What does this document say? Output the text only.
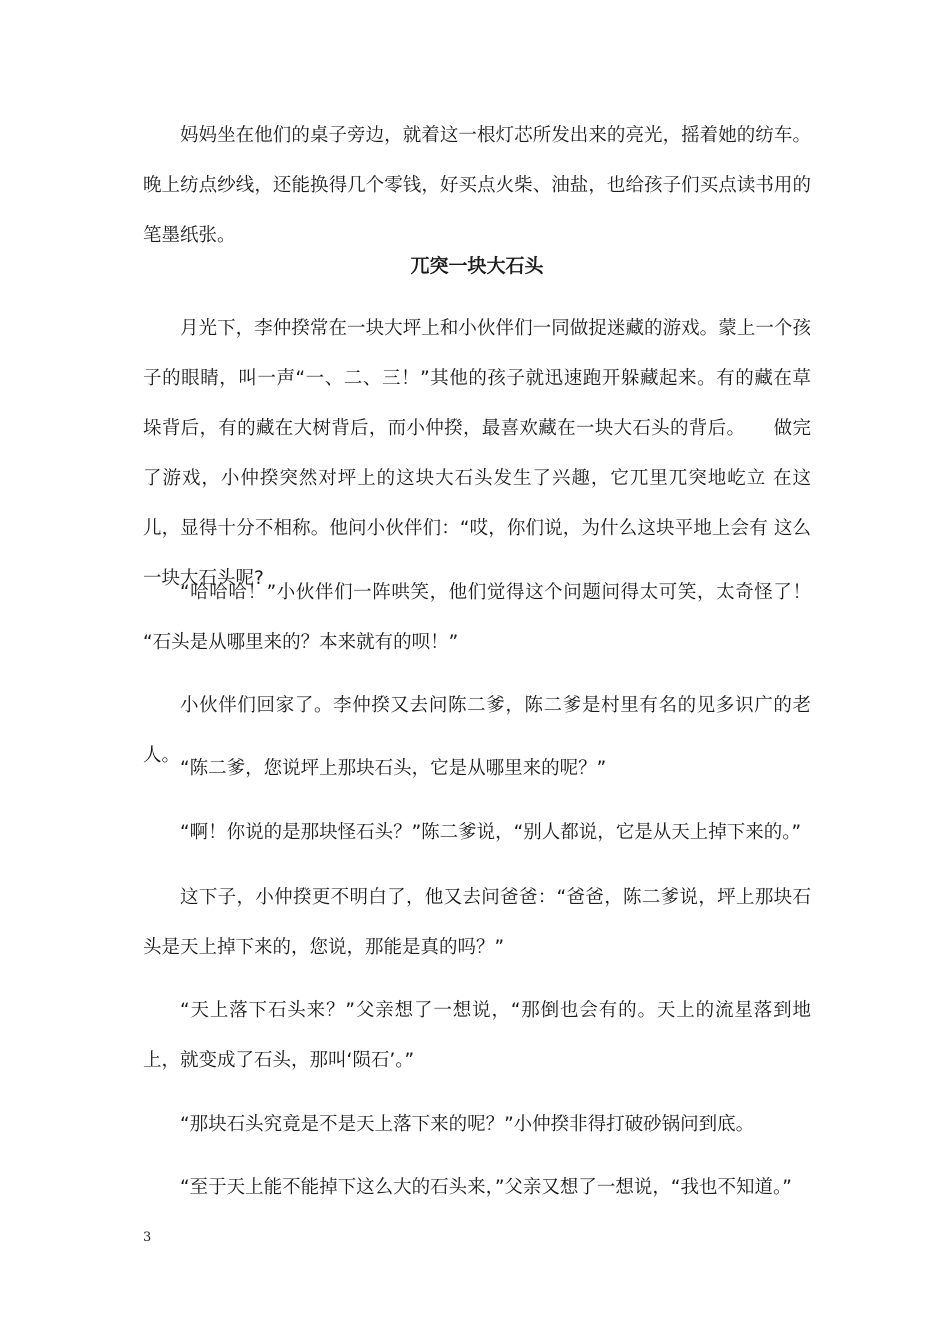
妈妈坐在他们的桌子旁边，就着这一根灯芯所发出来的亮光，摇着她的纺车。晚上纺点纱线，还能换得几个零钱，好买点火柴、油盐，也给孩子们买点读书用的笔墨纸张。

兀突一块大石头

月光下，李仲揆常在一块大坪上和小伙伴们一同做捉迷藏的游戏。蒙上一个孩 子的眼睛，叫一声“一、二、三！”其他的孩子就迅速跑开躲藏起来。有的藏在草 垛背后，有的藏在大树背后，而小仲揆，最喜欢藏在一块大石头的背后。　　做完了游戏，小仲揆突然对坪上的这块大石头发生了兴趣，它兀里兀突地屹立 在这儿，显得十分不相称。他问小伙伴们：“哎，你们说，为什么这块平地上会有 这么一块大石头呢?

“哈哈哈！”小伙伴们一阵哄笑，他们觉得这个问题问得太可笑，太奇怪了！ “石头是从哪里来的？本来就有的呗！”

小伙伴们回家了。李仲揆又去问陈二爹，陈二爹是村里有名的见多识广的老人。

“陈二爹，您说坪上那块石头，它是从哪里来的呢？”

“啊！你说的是那块怪石头？”陈二爹说，“别人都说，它是从天上掉下来的。”

这下子，小仲揆更不明白了，他又去问爸爸：“爸爸，陈二爹说，坪上那块石头是天上掉下来的，您说，那能是真的吗？”

“天上落下石头来？”父亲想了一想说，“那倒也会有的。天上的流星落到地上，就变成了石头，那叫‘陨石’。”

“那块石头究竟是不是天上落下来的呢？”小仲揆非得打破砂锅问到底。

“至于天上能不能掉下这么大的石头来，”父亲又想了一想说，“我也不知道。”

3
